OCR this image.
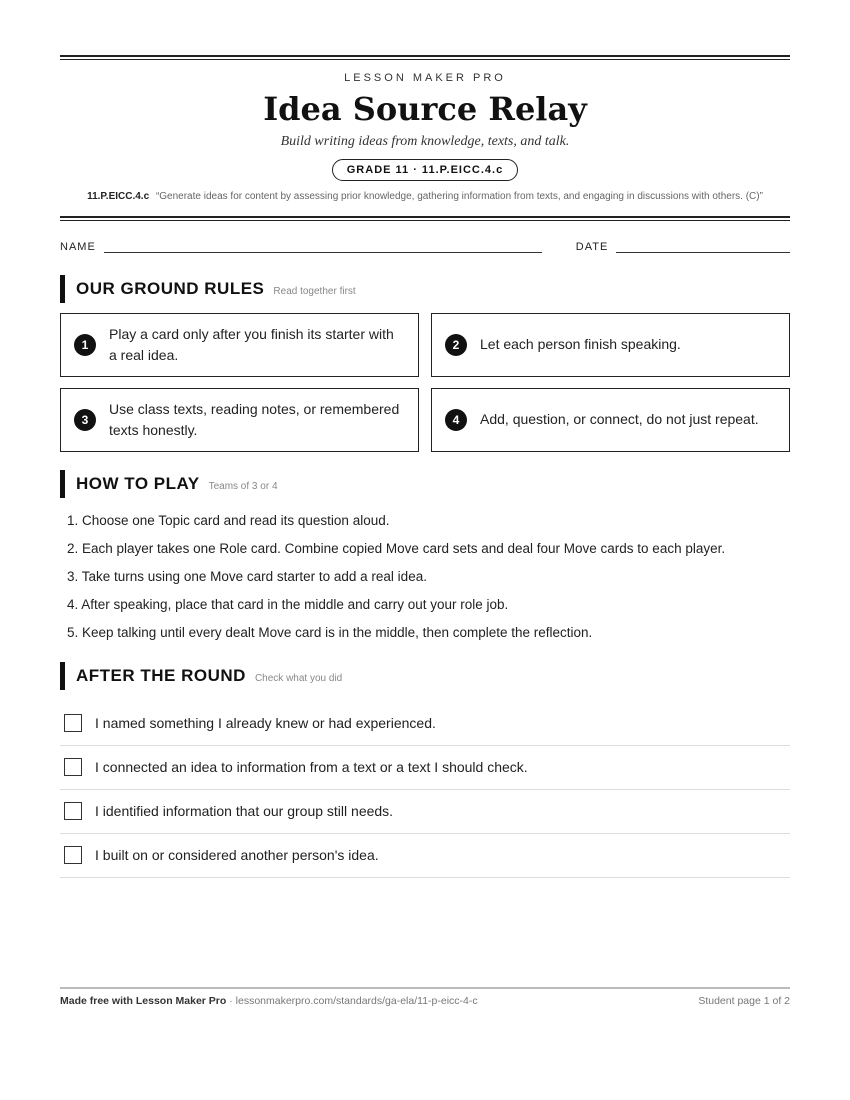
LESSON MAKER PRO
Idea Source Relay
Build writing ideas from knowledge, texts, and talk.
GRADE 11 · 11.P.EICC.4.c
11.P.EICC.4.c “Generate ideas for content by assessing prior knowledge, gathering information from texts, and engaging in discussions with others. (C)”
NAME	DATE
OUR GROUND RULES Read together first
1
Play a card only after you finish its starter with a real idea.
2	Let each person finish speaking.
3
Use class texts, reading notes, or remembered texts honestly.
4	Add, question, or connect, do not just repeat.
HOW TO PLAY Teams of 3 or 4
1. Choose one Topic card and read its question aloud.
2. Each player takes one Role card. Combine copied Move card sets and deal four Move cards to each player.
3. Take turns using one Move card starter to add a real idea.
4. After speaking, place that card in the middle and carry out your role job.
5. Keep talking until every dealt Move card is in the middle, then complete the reflection.
AFTER THE ROUND Check what you did
I named something I already knew or had experienced.
I connected an idea to information from a text or a text I should check.
I identified information that our group still needs.
I built on or considered another person's idea.
Made free with Lesson Maker Pro · lessonmakerpro.com/standards/ga-ela/11-p-eicc-4-c	Student page 1 of 2
